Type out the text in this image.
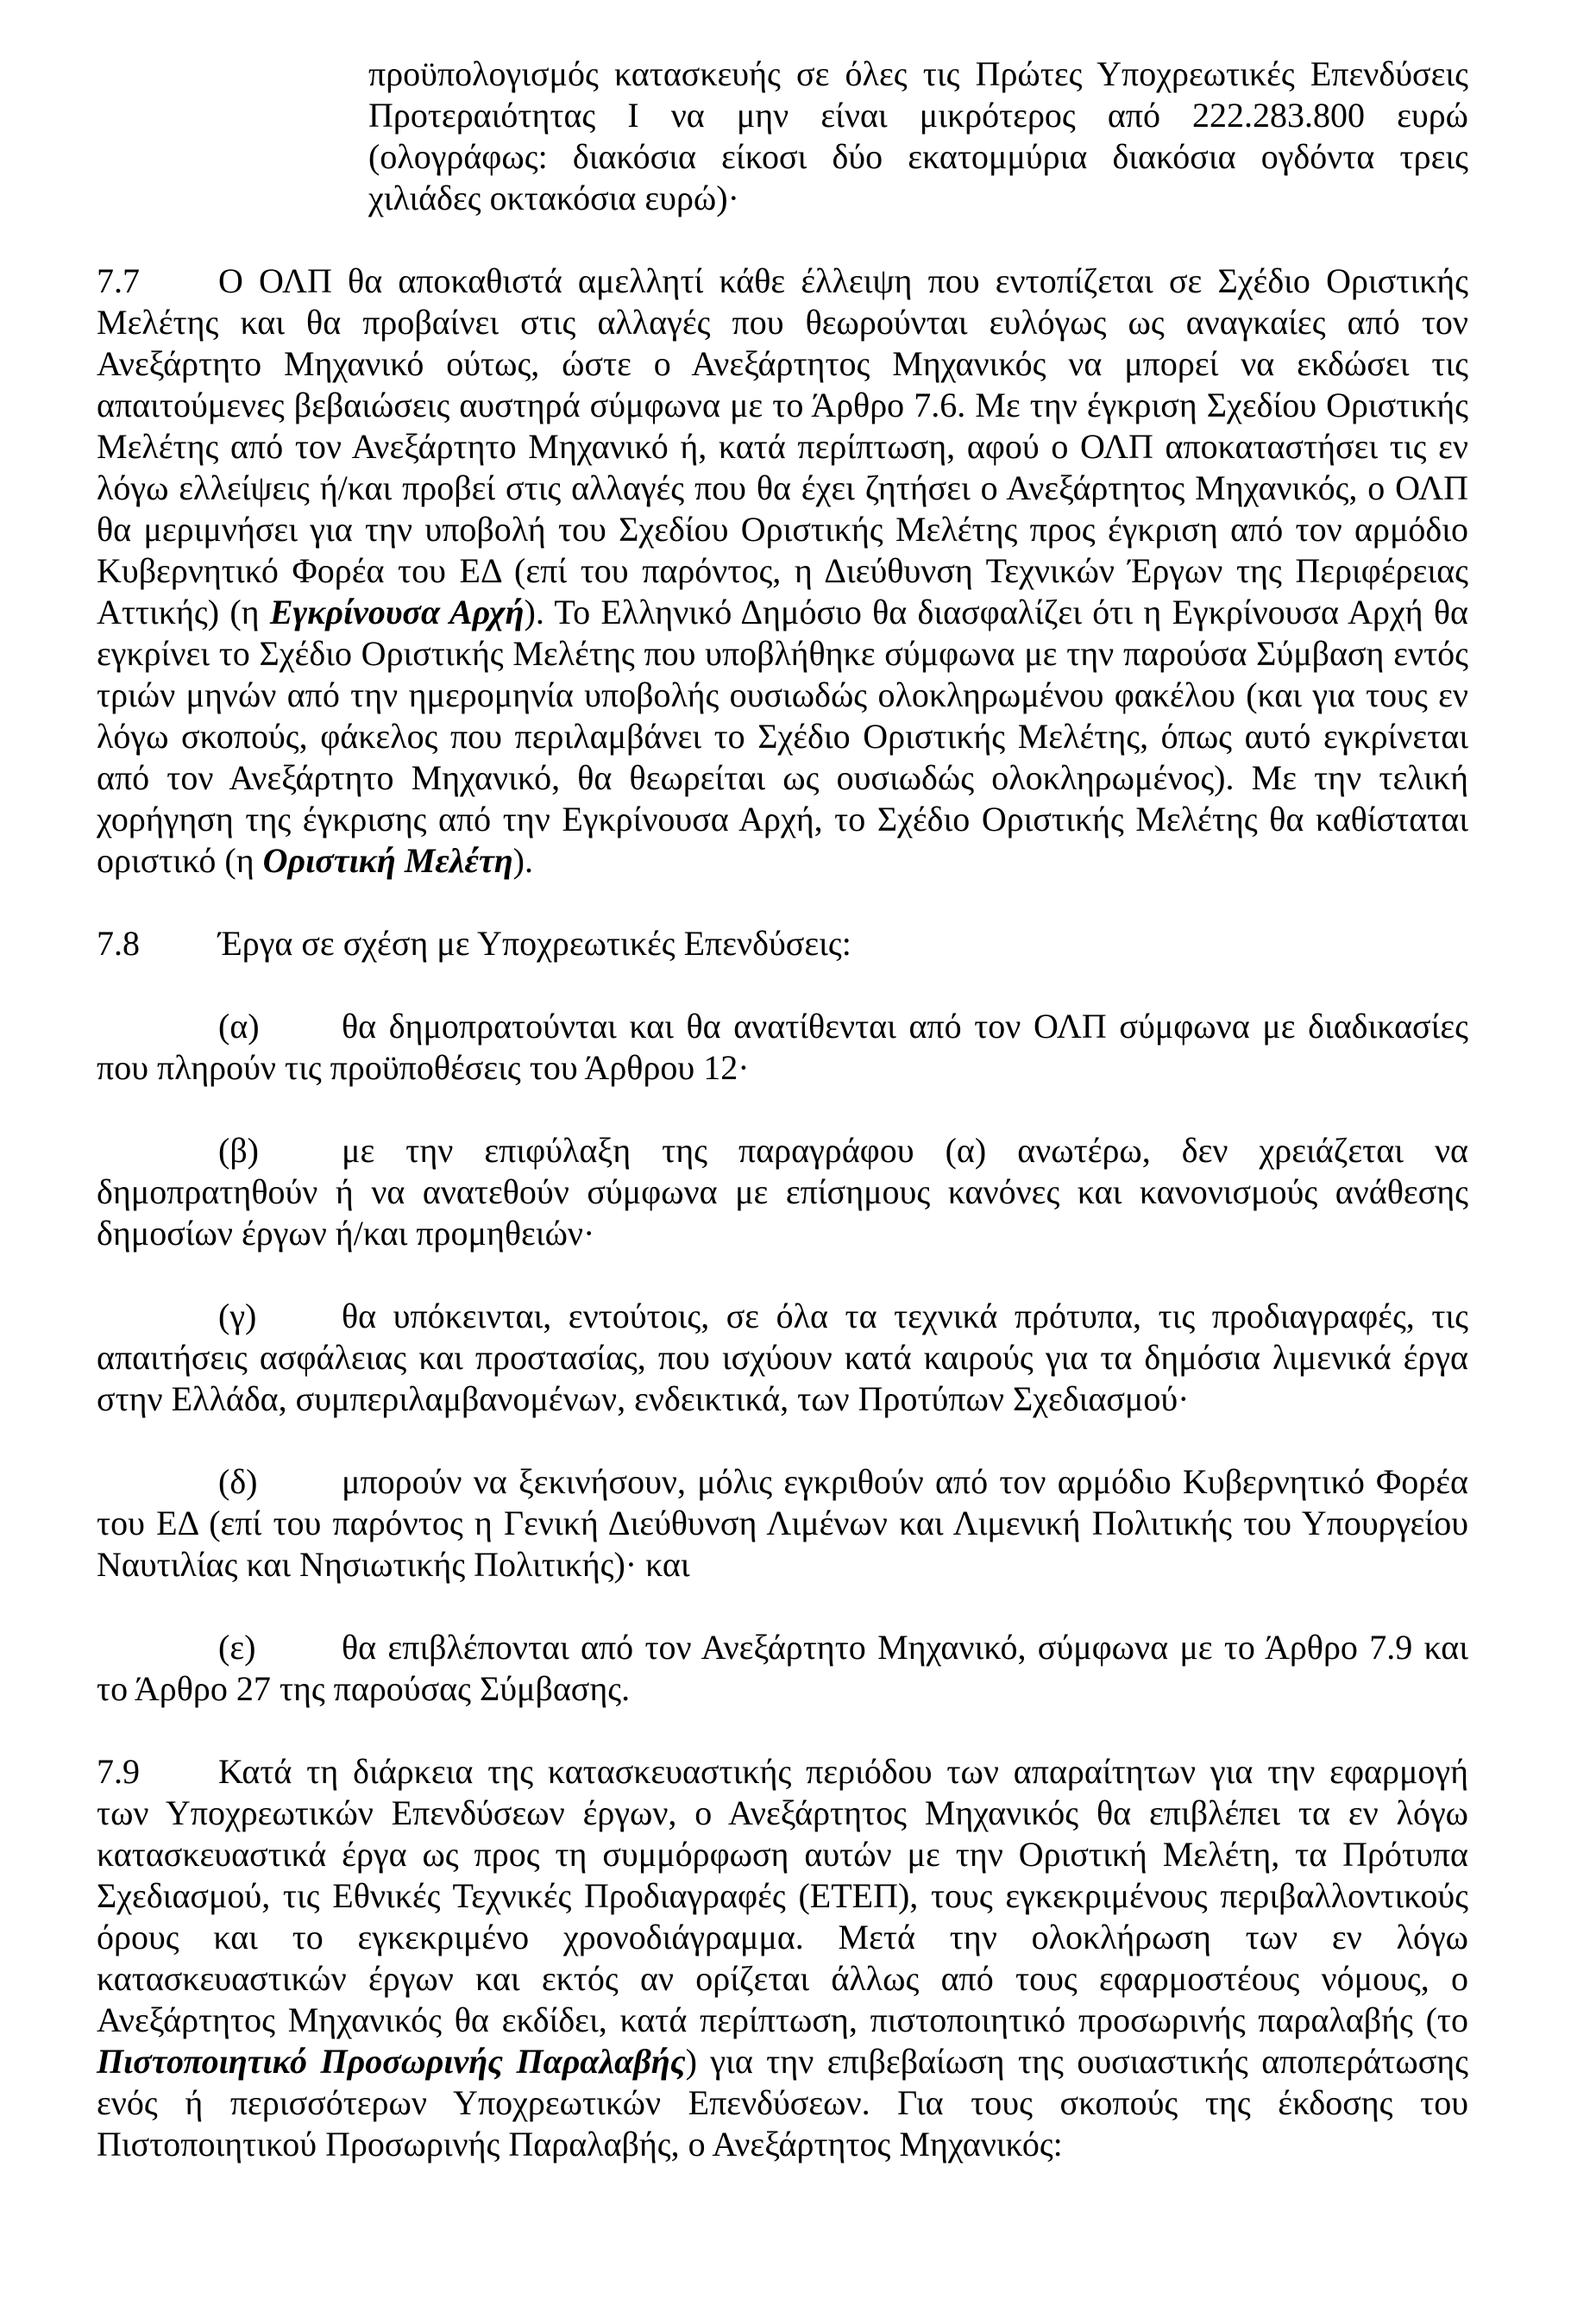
προϋπολογισμός κατασκευής σε όλες τις Πρώτες Υποχρεωτικές Επενδύσεις Προτεραιότητας Ι να μην είναι μικρότερος από 222.283.800 ευρώ (ολογράφως: διακόσια είκοσι δύο εκατομμύρια διακόσια ογδόντα τρεις χιλιάδες οκτακόσια ευρώ)·

7.7 Ο ΟΛΠ θα αποκαθιστά αμελλητί κάθε έλλειψη που εντοπίζεται σε Σχέδιο Οριστικής Μελέτης και θα προβαίνει στις αλλαγές που θεωρούνται ευλόγως ως αναγκαίες από τον Ανεξάρτητο Μηχανικό ούτως, ώστε ο Ανεξάρτητος Μηχανικός να μπορεί να εκδώσει τις απαιτούμενες βεβαιώσεις αυστηρά σύμφωνα με το Άρθρο 7.6. Με την έγκριση Σχεδίου Οριστικής Μελέτης από τον Ανεξάρτητο Μηχανικό ή, κατά περίπτωση, αφού ο ΟΛΠ αποκαταστήσει τις εν λόγω ελλείψεις ή/και προβεί στις αλλαγές που θα έχει ζητήσει ο Ανεξάρτητος Μηχανικός, ο ΟΛΠ θα μεριμνήσει για την υποβολή του Σχεδίου Οριστικής Μελέτης προς έγκριση από τον αρμόδιο Κυβερνητικό Φορέα του ΕΔ (επί του παρόντος, η Διεύθυνση Τεχνικών Έργων της Περιφέρειας Αττικής) (η Εγκρίνουσα Αρχή). Το Ελληνικό Δημόσιο θα διασφαλίζει ότι η Εγκρίνουσα Αρχή θα εγκρίνει το Σχέδιο Οριστικής Μελέτης που υποβλήθηκε σύμφωνα με την παρούσα Σύμβαση εντός τριών μηνών από την ημερομηνία υποβολής ουσιωδώς ολοκληρωμένου φακέλου (και για τους εν λόγω σκοπούς, φάκελος που περιλαμβάνει το Σχέδιο Οριστικής Μελέτης, όπως αυτό εγκρίνεται από τον Ανεξάρτητο Μηχανικό, θα θεωρείται ως ουσιωδώς ολοκληρωμένος). Με την τελική χορήγηση της έγκρισης από την Εγκρίνουσα Αρχή, το Σχέδιο Οριστικής Μελέτης θα καθίσταται οριστικό (η Οριστική Μελέτη).

7.8 Έργα σε σχέση με Υποχρεωτικές Επενδύσεις:

(α) θα δημοπρατούνται και θα ανατίθενται από τον ΟΛΠ σύμφωνα με διαδικασίες που πληρούν τις προϋποθέσεις του Άρθρου 12·

(β) με την επιφύλαξη της παραγράφου (α) ανωτέρω, δεν χρειάζεται να δημοπρατηθούν ή να ανατεθούν σύμφωνα με επίσημους κανόνες και κανονισμούς ανάθεσης δημοσίων έργων ή/και προμηθειών·

(γ) θα υπόκεινται, εντούτοις, σε όλα τα τεχνικά πρότυπα, τις προδιαγραφές, τις απαιτήσεις ασφάλειας και προστασίας, που ισχύουν κατά καιρούς για τα δημόσια λιμενικά έργα στην Ελλάδα, συμπεριλαμβανομένων, ενδεικτικά, των Προτύπων Σχεδιασμού·

(δ) μπορούν να ξεκινήσουν, μόλις εγκριθούν από τον αρμόδιο Κυβερνητικό Φορέα του ΕΔ (επί του παρόντος η Γενική Διεύθυνση Λιμένων και Λιμενική Πολιτικής του Υπουργείου Ναυτιλίας και Νησιωτικής Πολιτικής)· και

(ε) θα επιβλέπονται από τον Ανεξάρτητο Μηχανικό, σύμφωνα με το Άρθρο 7.9 και το Άρθρο 27 της παρούσας Σύμβασης.

7.9 Κατά τη διάρκεια της κατασκευαστικής περιόδου των απαραίτητων για την εφαρμογή των Υποχρεωτικών Επενδύσεων έργων, ο Ανεξάρτητος Μηχανικός θα επιβλέπει τα εν λόγω κατασκευαστικά έργα ως προς τη συμμόρφωση αυτών με την Οριστική Μελέτη, τα Πρότυπα Σχεδιασμού, τις Εθνικές Τεχνικές Προδιαγραφές (ΕΤΕΠ), τους εγκεκριμένους περιβαλλοντικούς όρους και το εγκεκριμένο χρονοδιάγραμμα. Μετά την ολοκλήρωση των εν λόγω κατασκευαστικών έργων και εκτός αν ορίζεται άλλως από τους εφαρμοστέους νόμους, ο Ανεξάρτητος Μηχανικός θα εκδίδει, κατά περίπτωση, πιστοποιητικό προσωρινής παραλαβής (το Πιστοποιητικό Προσωρινής Παραλαβής) για την επιβεβαίωση της ουσιαστικής αποπεράτωσης ενός ή περισσότερων Υποχρεωτικών Επενδύσεων. Για τους σκοπούς της έκδοσης του Πιστοποιητικού Προσωρινής Παραλαβής, ο Ανεξάρτητος Μηχανικός:
